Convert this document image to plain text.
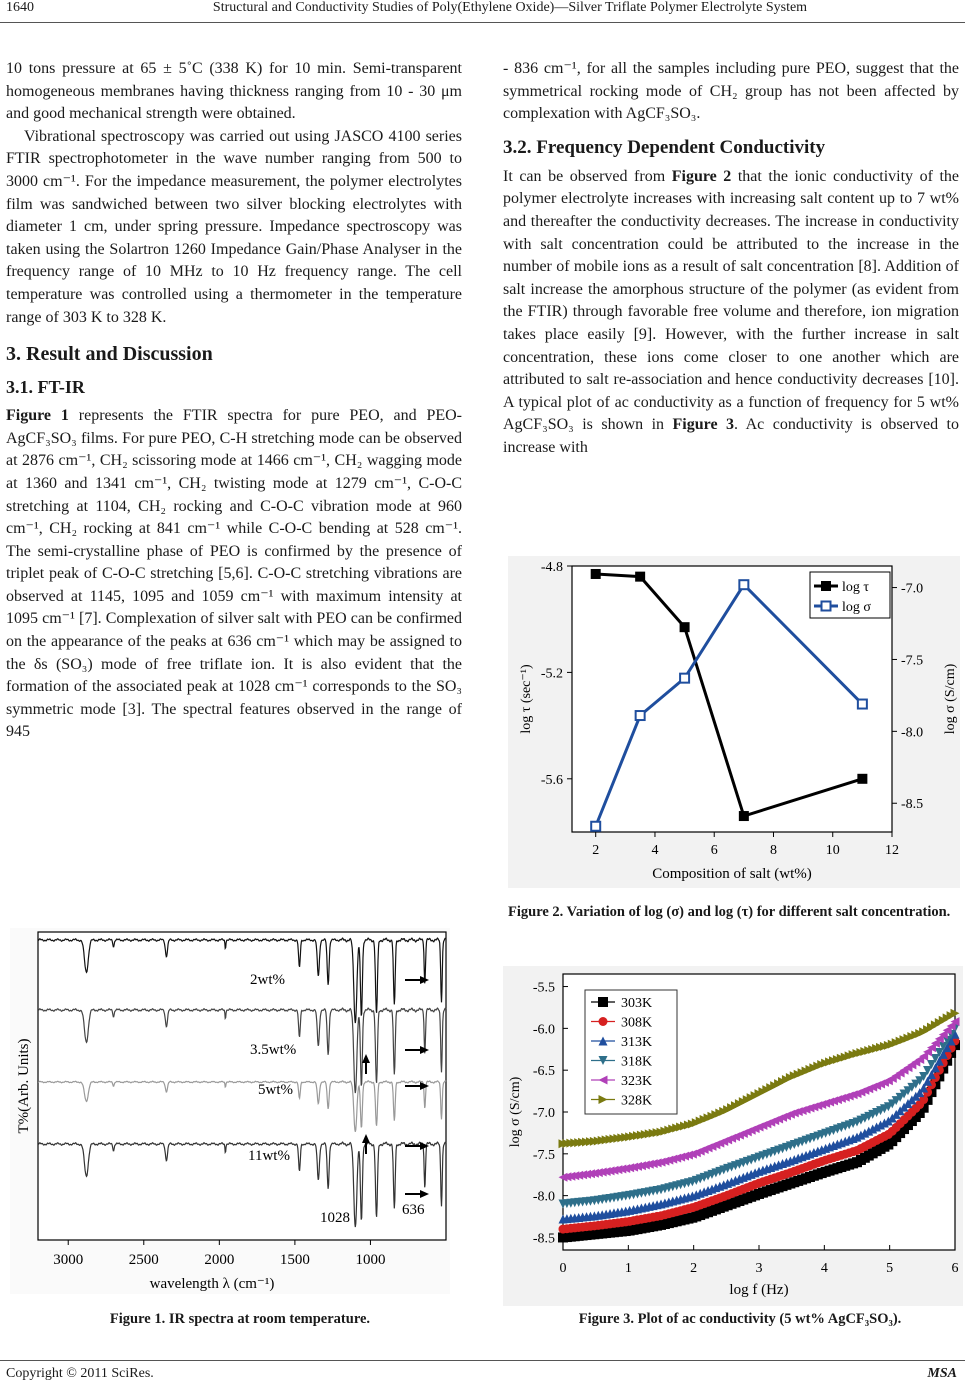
1640	Structural and Conductivity Studies of Poly(Ethylene Oxide)—Silver Triflate Polymer Electrolyte System

10 tons pressure at 65 ± 5˚C (338 K) for 10 min. Semi-transparent homogeneous membranes having thickness ranging from 10 - 30 μm and good mechanical strength were obtained.

Vibrational spectroscopy was carried out using JASCO 4100 series FTIR spectrophotometer in the wave number ranging from 500 to 3000 cm⁻¹. For the impedance measurement, the polymer electrolytes film was sandwiched between two silver blocking electrolytes with diameter 1 cm, under spring pressure. Impedance spectroscopy was taken using the Solartron 1260 Impedance Gain/Phase Analyser in the frequency range of 10 MHz to 10 Hz frequency range. The cell temperature was controlled using a thermometer in the temperature range of 303 K to 328 K.

3. Result and Discussion
3.1. FT-IR

Figure 1 represents the FTIR spectra for pure PEO, and PEO-AgCF₃SO₃ films. For pure PEO, C-H stretching mode can be observed at 2876 cm⁻¹, CH₂ scissoring mode at 1466 cm⁻¹, CH₂ wagging mode at 1360 and 1341 cm⁻¹, CH₂ twisting mode at 1279 cm⁻¹, C-O-C stretching at 1104, CH₂ rocking and C-O-C vibration mode at 960 cm⁻¹, CH₂ rocking at 841 cm⁻¹ while C-O-C bending at 528 cm⁻¹. The semi-crystalline phase of PEO is confirmed by the presence of triplet peak of C-O-C stretching [5,6]. C-O-C stretching vibrations are observed at 1145, 1095 and 1059 cm⁻¹ with maximum intensity at 1095 cm⁻¹ [7]. Complexation of silver salt with PEO can be confirmed on the appearance of the peaks at 636 cm⁻¹ which may be assigned to the δs (SO₃) mode of free triflate ion. It is also evident that the formation of the associated peak at 1028 cm⁻¹ corresponds to the SO₃ symmetric mode [3]. The spectral features observed in the range of 945

- 836 cm⁻¹, for all the samples including pure PEO, suggest that the symmetrical rocking mode of CH₂ group has not been affected by complexation with AgCF₃SO₃.

3.2. Frequency Dependent Conductivity

It can be observed from Figure 2 that the ionic conductivity of the polymer electrolyte increases with increasing salt content up to 7 wt% and thereafter the conductivity decreases. The increase in conductivity with salt concentration could be attributed to the increase in the number of mobile ions as a result of salt concentration [8]. Addition of salt increase the amorphous structure of the polymer (as evident from the FTIR) through favorable free volume and therefore, ion migration takes place easily [9]. However, with the further increase in salt concentration, these ions come closer to one another which are attributed to salt re-association and hence conductivity decreases [10]. A typical plot of ac conductivity as a function of frequency for 5 wt% AgCF₃SO₃ is shown in Figure 3. Ac conductivity is observed to increase with

3000	2500	2000	1500	1000
wavelength λ (cm⁻¹)
T%(Arb. Units)
2wt%
3.5wt%
5wt%
11wt%
1028	636
Figure 1. IR spectra at room temperature.
2	4	6	8	10	12
-4.8
-5.2
-5.6
-7.0
-7.5
-8.0
-8.5
Composition of salt (wt%)
log τ (sec⁻¹)	log σ (S/cm)
log τ
log σ
Figure 2. Variation of log (σ) and log (τ) for different salt concentration.
0	1	2	3	4	5	6
-5.5
-6.0
-6.5
-7.0
-7.5
-8.0
-8.5
log f (Hz)
log σ (S/cm)
303K
308K
313K
318K
323K
328K
Figure 3. Plot of ac conductivity (5 wt% AgCF₃SO₃).
Copyright © 2011 SciRes.	MSA
